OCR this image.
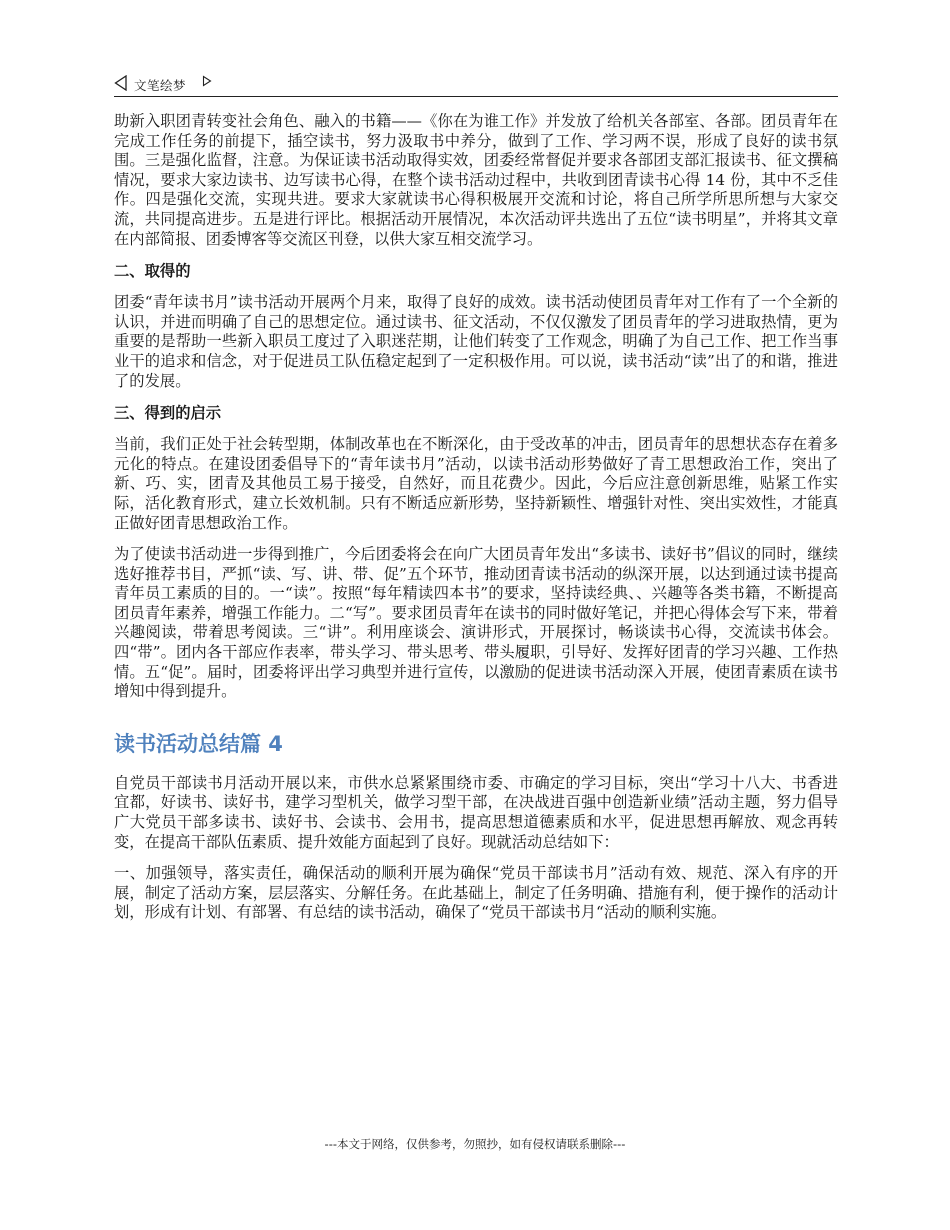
文笔绘梦

助新入职团青转变社会角色、融入的书籍——《你在为谁工作》并发放了给机关各部室、各部。团员青年在完成工作任务的前提下，插空读书，努力汲取书中养分，做到了工作、学习两不误，形成了良好的读书氛围。三是强化监督，注意。为保证读书活动取得实效，团委经常督促并要求各部团支部汇报读书、征文撰稿情况，要求大家边读书、边写读书心得，在整个读书活动过程中，共收到团青读书心得 14 份，其中不乏佳作。四是强化交流，实现共进。要求大家就读书心得积极展开交流和讨论，将自己所学所思所想与大家交流，共同提高进步。五是进行评比。根据活动开展情况，本次活动评共选出了五位“读书明星”，并将其文章在内部简报、团委博客等交流区刊登，以供大家互相交流学习。

二、取得的

团委“青年读书月”读书活动开展两个月来，取得了良好的成效。读书活动使团员青年对工作有了一个全新的认识，并进而明确了自己的思想定位。通过读书、征文活动，不仅仅激发了团员青年的学习进取热情，更为重要的是帮助一些新入职员工度过了入职迷茫期，让他们转变了工作观念，明确了为自己工作、把工作当事业干的追求和信念，对于促进员工队伍稳定起到了一定积极作用。可以说，读书活动“读”出了的和谐，推进了的发展。

三、得到的启示

当前，我们正处于社会转型期，体制改革也在不断深化，由于受改革的冲击，团员青年的思想状态存在着多元化的特点。在建设团委倡导下的“青年读书月”活动，以读书活动形势做好了青工思想政治工作，突出了新、巧、实，团青及其他员工易于接受，自然好，而且花费少。因此，今后应注意创新思维，贴紧工作实际，活化教育形式，建立长效机制。只有不断适应新形势，坚持新颖性、增强针对性、突出实效性，才能真正做好团青思想政治工作。

为了使读书活动进一步得到推广，今后团委将会在向广大团员青年发出“多读书、读好书”倡议的同时，继续选好推荐书目，严抓“读、写、讲、带、促”五个环节，推动团青读书活动的纵深开展，以达到通过读书提高青年员工素质的目的。一“读”。按照“每年精读四本书”的要求，坚持读经典、、兴趣等各类书籍，不断提高团员青年素养，增强工作能力。二“写”。要求团员青年在读书的同时做好笔记，并把心得体会写下来，带着兴趣阅读，带着思考阅读。三“讲”。利用座谈会、演讲形式，开展探讨，畅谈读书心得，交流读书体会。四“带”。团内各干部应作表率，带头学习、带头思考、带头履职，引导好、发挥好团青的学习兴趣、工作热情。五“促”。届时，团委将评出学习典型并进行宣传，以激励的促进读书活动深入开展，使团青素质在读书增知中得到提升。

读书活动总结篇 4

自党员干部读书月活动开展以来，市供水总紧紧围绕市委、市确定的学习目标，突出“学习十八大、书香进宜都，好读书、读好书，建学习型机关，做学习型干部，在决战进百强中创造新业绩”活动主题，努力倡导广大党员干部多读书、读好书、会读书、会用书，提高思想道德素质和水平，促进思想再解放、观念再转变，在提高干部队伍素质、提升效能方面起到了良好。现就活动总结如下：

一、加强领导，落实责任，确保活动的顺利开展为确保“党员干部读书月”活动有效、规范、深入有序的开展，制定了活动方案，层层落实、分解任务。在此基础上，制定了任务明确、措施有利，便于操作的活动计划，形成有计划、有部署、有总结的读书活动，确保了“党员干部读书月“活动的顺利实施。

---本文于网络，仅供参考，勿照抄，如有侵权请联系删除---
